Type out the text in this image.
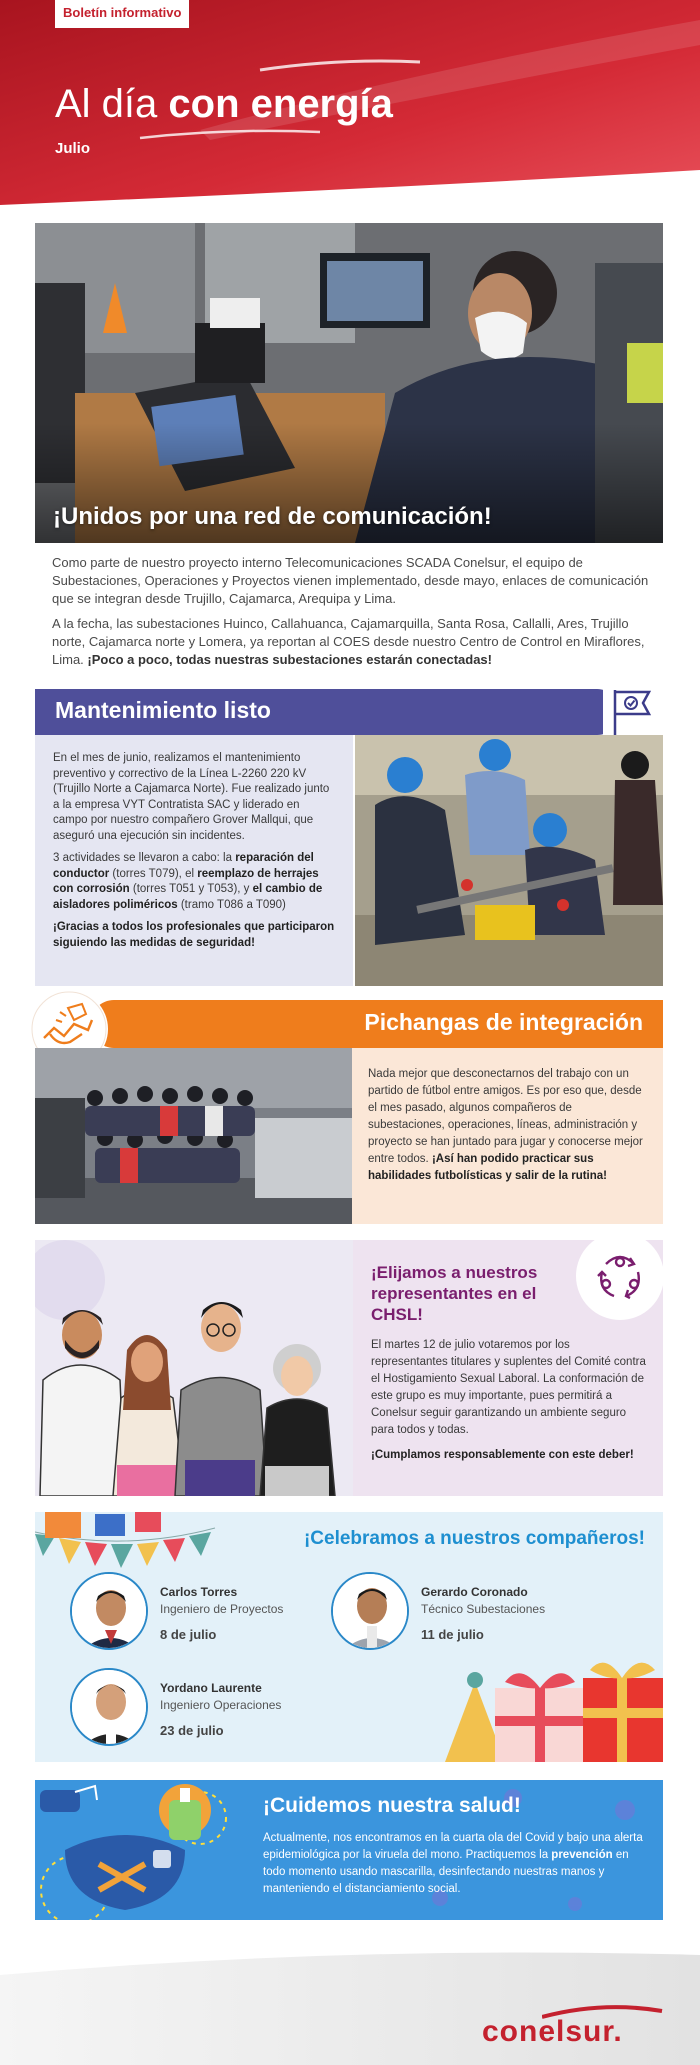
Boletín informativo
Al día con energía
Julio
¡Unidos por una red de comunicación!

Como parte de nuestro proyecto interno Telecomunicaciones SCADA Conelsur, el equipo de Subestaciones, Operaciones y Proyectos vienen implementado, desde mayo, enlaces de comunicación que se integran desde Trujillo, Cajamarca, Arequipa y Lima.

A la fecha, las subestaciones Huinco, Callahuanca, Cajamarquilla, Santa Rosa, Callalli, Ares, Trujillo norte, Cajamarca norte y Lomera, ya reportan al COES desde nuestro Centro de Control en Miraflores, Lima. ¡Poco a poco, todas nuestras subestaciones estarán conectadas!

Mantenimiento listo

En el mes de junio, realizamos el mantenimiento preventivo y correctivo de la Línea L-2260 220 kV (Trujillo Norte a Cajamarca Norte). Fue realizado junto a la empresa VYT Contratista SAC y liderado en campo por nuestro compañero Grover Mallqui, que aseguró una ejecución sin incidentes.

3 actividades se llevaron a cabo: la reparación del conductor (torres T079), el reemplazo de herrajes con corrosión (torres T051 y T053), y el cambio de aisladores poliméricos (tramo T086 a T090)

¡Gracias a todos los profesionales que participaron siguiendo las medidas de seguridad!

Pichangas de integración
Nada mejor que desconectarnos del trabajo con un partido de fútbol entre amigos. Es por eso que, desde el mes pasado, algunos compañeros de subestaciones, operaciones, líneas, administración y proyecto se han juntado para jugar y conocerse mejor entre todos. ¡Así han podido practicar sus habilidades futbolísticas y salir de la rutina!
¡Elijamos a nuestros representantes en el CHSL!

El martes 12 de julio votaremos por los representantes titulares y suplentes del Comité contra el Hostigamiento Sexual Laboral. La conformación de este grupo es muy importante, pues permitirá a Conelsur seguir garantizando un ambiente seguro para todos y todas.

¡Cumplamos responsablemente con este deber!

¡Celebramos a nuestros compañeros!
Carlos Torres
Ingeniero de Proyectos
8 de julio
Gerardo Coronado
Técnico Subestaciones
11 de julio
Yordano Laurente
Ingeniero Operaciones
23 de julio
¡Cuidemos nuestra salud!
Actualmente, nos encontramos en la cuarta ola del Covid y bajo una alerta epidemiológica por la viruela del mono. Practiquemos la prevención en todo momento usando mascarilla, desinfectando nuestras manos y manteniendo el distanciamiento social.
conelsur.
